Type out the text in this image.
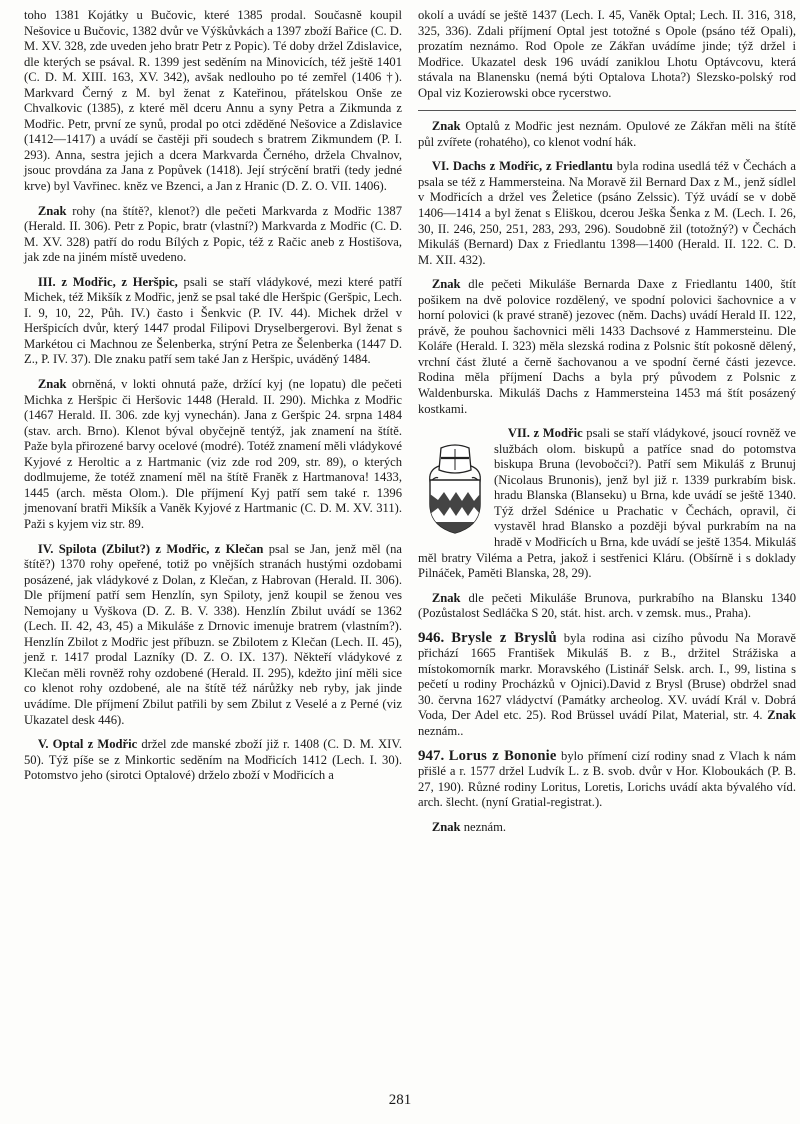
toho 1381 Kojátky u Bučovic, které 1385 prodal. Současně koupil Nešovice u Bučovic, 1382 dvůr ve Výškůvkách a 1397 zboží Bařice (C. D. M. XV. 328, zde uveden jeho bratr Petr z Popic). Té doby držel Zdislavice, dle kterých se psával. R. 1399 jest seděním na Minovicích, též ještě 1401 (C. D. M. XIII. 163, XV. 342), avšak nedlouho po té zemřel (1406 †). Markvard Černý z M. byl ženat z Kateřinou, přátelskou Onše ze Chvalkovic (1385), z které měl dceru Annu a syny Petra a Zikmunda z Modřic. Petr, první ze synů, prodal po otci zděděné Nešovice a Zdislavice (1412—1417) a uvádí se častěji při soudech s bratrem Zikmundem (P. I. 293). Anna, sestra jejich a dcera Markvarda Černého, držela Chvalnov, jsouc provdána za Jana z Popůvek (1418). Její strýcění bratři (tedy jedné krve) byl Vavřinec. kněz ve Bzenci, a Jan z Hranic (D. Z. O. VII. 1406).

Znak rohy (na štítě?, klenot?) dle pečeti Markvarda z Modřic 1387 (Herald. II. 306). Petr z Popic, bratr (vlastní?) Markvarda z Modřic (C. D. M. XV. 328) patří do rodu Bílých z Popic, též z Račic aneb z Hostišova, jak zde na jiném místě uvedeno.

III. z Modřic, z Heršpic, psali se staří vládykové, mezi které patří Michek, též Mikšík z Modřic, jenž se psal také dle Heršpic (Geršpic, Lech. I. 9, 10, 22, Půh. IV.) často i Šenkvic (P. IV. 44). Michek držel v Heršpicích dvůr, který 1447 prodal Filipovi Dryselbergerovi. Byl ženat s Markétou ci Machnou ze Šelenberka, strýní Petra ze Šelenberka (1447 D. Z., P. IV. 37). Dle znaku patří sem také Jan z Heršpic, uváděný 1484.

Znak obrněná, v lokti ohnutá paže, držící kyj (ne lopatu) dle pečeti Michka z Heršpic či Heršovic 1448 (Herald. II. 290). Michka z Modřic (1467 Herald. II. 306. zde kyj vynechán). Jana z Geršpic 24. srpna 1484 (stav. arch. Brno). Klenot býval obyčejně tentýž, jak znamení na štítě. Paže byla přirozené barvy ocelové (modré). Totéž znamení měli vládykové Kyjové z Heroltic a z Hartmanic (viz zde rod 209, str. 89), o kterých dodlmujeme, že totéž znamení měl na štítě Franěk z Hartmanova! 1433, 1445 (arch. města Olom.). Dle příjmení Kyj patří sem také r. 1396 jmenovaní bratři Mikšík a Vaněk Kyjové z Hartmanic (C. D. M. XV. 311). Paži s kyjem viz str. 89.

IV. Spilota (Zbilut?) z Modřic, z Klečan psal se Jan, jenž měl (na štítě?) 1370 rohy opeřené, totiž po vnějších stranách hustými ozdobami posázené, jak vládykové z Dolan, z Klečan, z Habrovan (Herald. II. 306). Dle příjmení patří sem Henzlín, syn Spiloty, jenž koupil se ženou ves Nemojany u Vyškova (D. Z. B. V. 338). Henzlín Zbilut uvádí se 1362 (Lech. II. 42, 43, 45) a Mikuláše z Drnovic imenuje bratrem (vlastním?). Henzlín Zbilot z Modřic jest příbuzn. se Zbilotem z Klečan (Lech. II. 45), jenž r. 1417 prodal Lazníky (D. Z. O. IX. 137). Někteří vládykové z Klečan měli rovněž rohy ozdobené (Herald. II. 295), kdežto jiní měli sice co klenot rohy ozdobené, ale na štítě též nárůžky neb ryby, jak jinde uvádíme. Dle příjmení Zbilut patřili by sem Zbilut z Veselé a z Perné (viz Ukazatel desk 446).

V. Optal z Modřic držel zde manské zboží již r. 1408 (C. D. M. XIV. 50). Týž píše se z Minkortic seděním na Modřicích 1412 (Lech. I. 30). Potomstvo jeho (sirotci Optalové) drželo zboží v Modřicích a

okolí a uvádí se ještě 1437 (Lech. I. 45, Vaněk Optal; Lech. II. 316, 318, 325, 336). Zdali příjmení Optal jest totožné s Opole (psáno též Opali), prozatím neznámo. Rod Opole ze Zákřan uvádíme jinde; týž držel i Modřice. Ukazatel desk 196 uvádí zaniklou Lhotu Optávcovu, která stávala na Blanensku (nemá býti Optalova Lhota?) Slezsko-polský rod Opal viz Kozierowski obce rycerstwo.

Znak Optalů z Modřic jest neznám. Opulové ze Zákřan měli na štítě půl zvířete (rohatého), co klenot vodní hák.

VI. Dachs z Modřic, z Friedlantu byla rodina usedlá též v Čechách a psala se též z Hammersteina. Na Moravě žil Bernard Dax z M., jenž sídlel v Modřicích a držel ves Želetice (psáno Zelssic). Týž uvádí se v době 1406—1414 a byl ženat s Eliškou, dcerou Ješka Šenka z M. (Lech. I. 26, 30, II. 246, 250, 251, 283, 293, 296). Soudobně žil (totožný?) v Čechách Mikuláš (Bernard) Dax z Friedlantu 1398—1400 (Herald. II. 122. C. D. M. XII. 432).

Znak dle pečeti Mikuláše Bernarda Daxe z Friedlantu 1400, štít pošikem na dvě polovice rozdělený, ve spodní polovici šachovnice a v horní polovici (k pravé straně) jezovec (něm. Dachs) uvádí Herald II. 122, právě, že pouhou šachovnici měli 1433 Dachsové z Hammersteinu. Dle Koláře (Herald. I. 323) měla slezská rodina z Polsnic štít pokosně dělený, vrchní část žluté a černě šachovanou a ve spodní černé části jezevce. Rodina měla příjmení Dachs a byla prý původem z Polsnic z Waldenburska. Mikuláš Dachs z Hammersteina 1453 má štít posázený kostkami.

VII. z Modřic psali se staří vládykové, jsoucí rovněž ve službách olom. biskupů a patříce snad do potomstva biskupa Bruna (levobočci?). Patří sem Mikuláš z Brunuj (Nicolaus Brunonis), jenž byl již r. 1339 purkrabím bisk. hradu Blanska (Blanseku) u Brna, kde uvádí se ještě 1340. Týž držel Sdénice u Prachatic v Čechách, opravil, či vystavěl hrad Blansko a později býval purkrabím na na hradě v Modřicích u Brna, kde uvádí se ještě 1354. Mikuláš měl bratry Viléma a Petra, jakož i sestřenici Kláru. (Obšírně i s doklady Pilnáček, Paměti Blanska, 28, 29).

Znak dle pečeti Mikuláše Brunova, purkrabího na Blansku 1340 (Pozůstalost Sedláčka S 20, stát. hist. arch. v zemsk. mus., Praha).

946. Brysle z Bryslů byla rodina asi cizího původu Na Moravě přichází 1665 František Mikuláš B. z B., držitel Strážiska a místokomorník markr. Moravského (Listinář Selsk. arch. I., 99, listina s pečetí u rodiny Procházků v Ojnici).David z Brysl (Bruse) obdržel snad 30. června 1627 vládyctví (Památky archeolog. XV. uvádí Král v. Dobrá Voda, Der Adel etc. 25). Rod Brüssel uvádí Pilat, Material, str. 4. Znak neznám..

947. Lorus z Bononie bylo přímení cizí rodiny snad z Vlach k nám přišlé a r. 1577 držel Ludvík L. z B. svob. dvůr v Hor. Kloboukách (P. B. 27, 190). Různé rodiny Loritus, Loretis, Lorichs uvádí akta bývalého víd. arch. šlecht. (nyní Gratial-registrat.).

Znak neznám.

281
